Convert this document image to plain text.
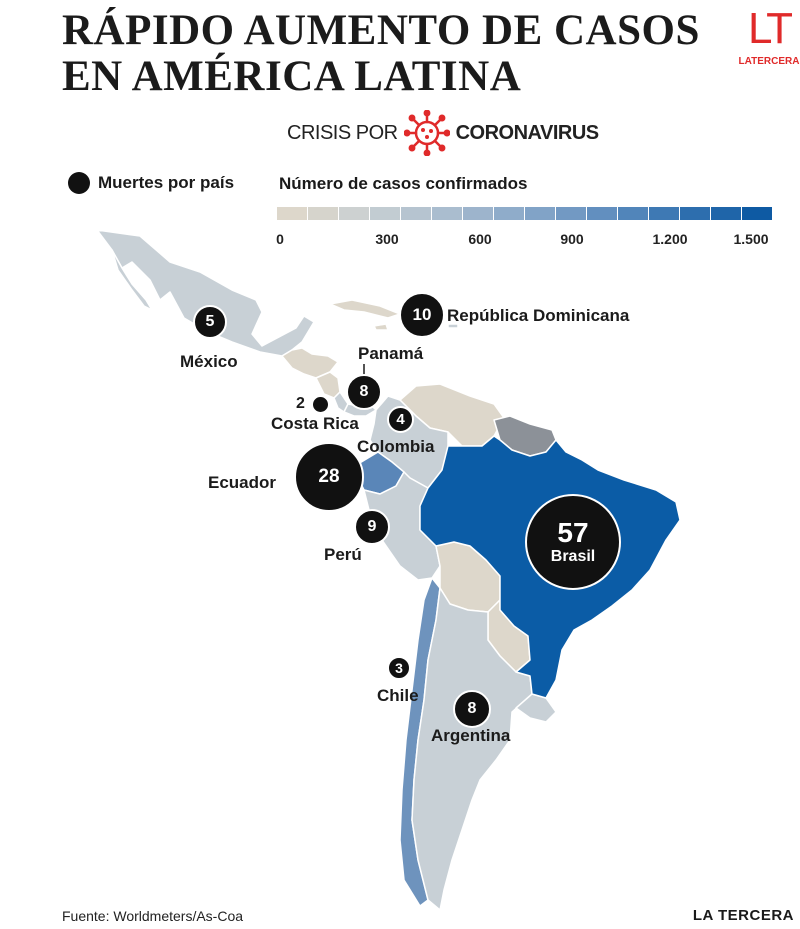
RÁPIDO AUMENTO DE CASOS EN AMÉRICA LATINA
LT
LATERCERA
CRISIS POR	CORONAVIRUS
Muertes por país	Número de casos confirmados
0	300	600	900	1.200	1.500
5	10
8
2
4
28
9	57
Brasil
3
8
México
República Dominicana
Panamá
Costa Rica
Colombia
Ecuador
Perú
Chile
Argentina
Fuente: Worldmeters/As-Coa	LA TERCERA
